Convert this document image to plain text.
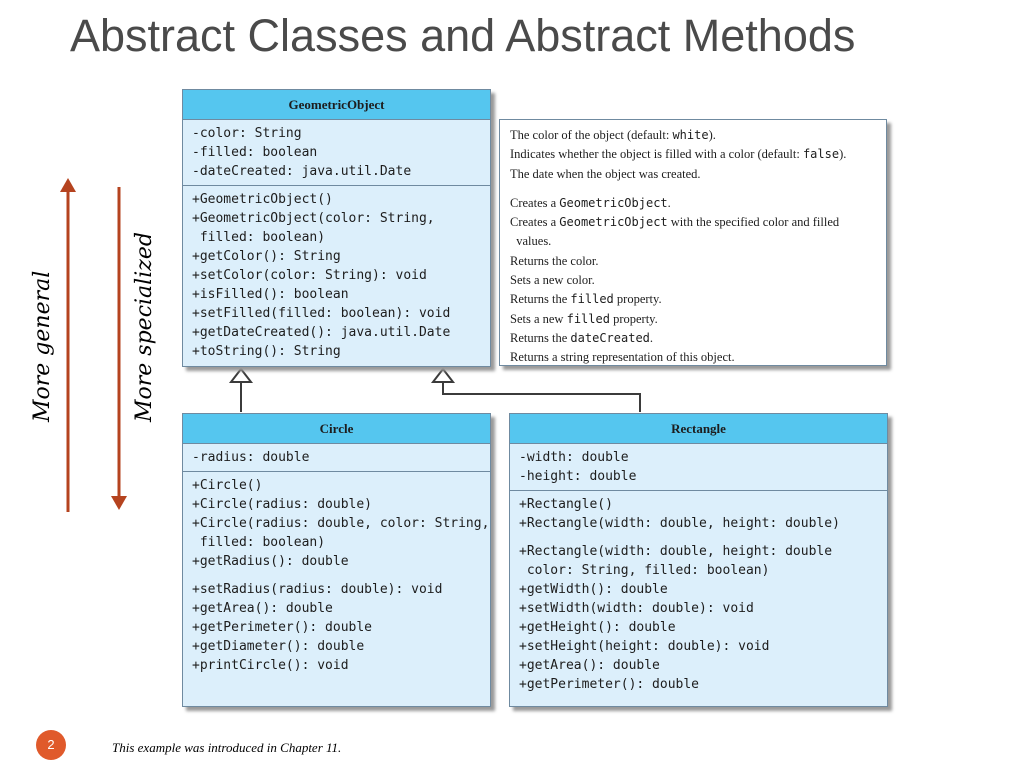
Abstract Classes and Abstract Methods
More general	More specialized
GeometricObject
-color: String
-filled: boolean
-dateCreated: java.util.Date
+GeometricObject()
+GeometricObject(color: String,
filled: boolean)
+getColor(): String
+setColor(color: String): void
+isFilled(): boolean
+setFilled(filled: boolean): void
+getDateCreated(): java.util.Date
+toString(): String
The color of the object (default: white).
Indicates whether the object is filled with a color (default: false).
The date when the object was created.
Creates a GeometricObject.
Creates a GeometricObject with the specified color and filled
values.
Returns the color.
Sets a new color.
Returns the filled property.
Sets a new filled property.
Returns the dateCreated.
Returns a string representation of this object.
Circle
-radius: double
+Circle()
+Circle(radius: double)
+Circle(radius: double, color: String,
filled: boolean)
+getRadius(): double
+setRadius(radius: double): void
+getArea(): double
+getPerimeter(): double
+getDiameter(): double
+printCircle(): void
Rectangle
-width: double
-height: double
+Rectangle()
+Rectangle(width: double, height: double)
+Rectangle(width: double, height: double
color: String, filled: boolean)
+getWidth(): double
+setWidth(width: double): void
+getHeight(): double
+setHeight(height: double): void
+getArea(): double
+getPerimeter(): double
2	This example was introduced in Chapter 11.
